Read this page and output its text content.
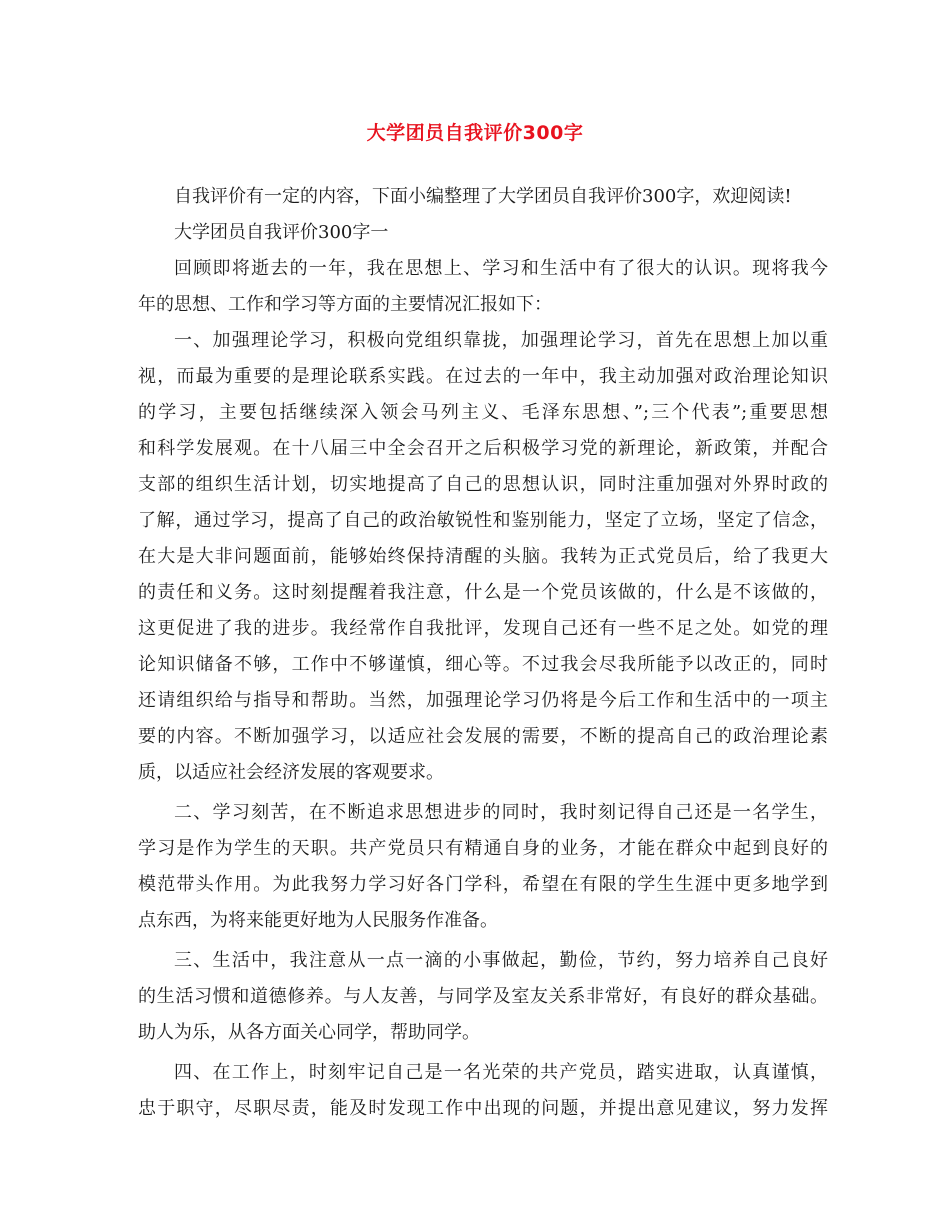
大学团员自我评价300字
自我评价有一定的内容，下面小编整理了大学团员自我评价300字，欢迎阅读!
大学团员自我评价300字一
回顾即将逝去的一年，我在思想上、学习和生活中有了很大的认识。现将我今
年的思想、工作和学习等方面的主要情况汇报如下：
一、加强理论学习，积极向党组织靠拢，加强理论学习，首先在思想上加以重
视，而最为重要的是理论联系实践。在过去的一年中，我主动加强对政治理论知识
的学习，主要包括继续深入领会马列主义、毛泽东思想、”;三个代表”;重要思想
和科学发展观。在十八届三中全会召开之后积极学习党的新理论，新政策，并配合
支部的组织生活计划，切实地提高了自己的思想认识，同时注重加强对外界时政的
了解，通过学习，提高了自己的政治敏锐性和鉴别能力，坚定了立场，坚定了信念，
在大是大非问题面前，能够始终保持清醒的头脑。我转为正式党员后，给了我更大
的责任和义务。这时刻提醒着我注意，什么是一个党员该做的，什么是不该做的，
这更促进了我的进步。我经常作自我批评，发现自己还有一些不足之处。如党的理
论知识储备不够，工作中不够谨慎，细心等。不过我会尽我所能予以改正的，同时
还请组织给与指导和帮助。当然，加强理论学习仍将是今后工作和生活中的一项主
要的内容。不断加强学习，以适应社会发展的需要，不断的提高自己的政治理论素
质，以适应社会经济发展的客观要求。
二、学习刻苦，在不断追求思想进步的同时，我时刻记得自己还是一名学生，
学习是作为学生的天职。共产党员只有精通自身的业务，才能在群众中起到良好的
模范带头作用。为此我努力学习好各门学科，希望在有限的学生生涯中更多地学到
点东西，为将来能更好地为人民服务作准备。
三、生活中，我注意从一点一滴的小事做起，勤俭，节约，努力培养自己良好
的生活习惯和道德修养。与人友善，与同学及室友关系非常好，有良好的群众基础。
助人为乐，从各方面关心同学，帮助同学。
四、在工作上，时刻牢记自己是一名光荣的共产党员，踏实进取，认真谨慎，
忠于职守，尽职尽责，能及时发现工作中出现的问题，并提出意见建议，努力发挥
